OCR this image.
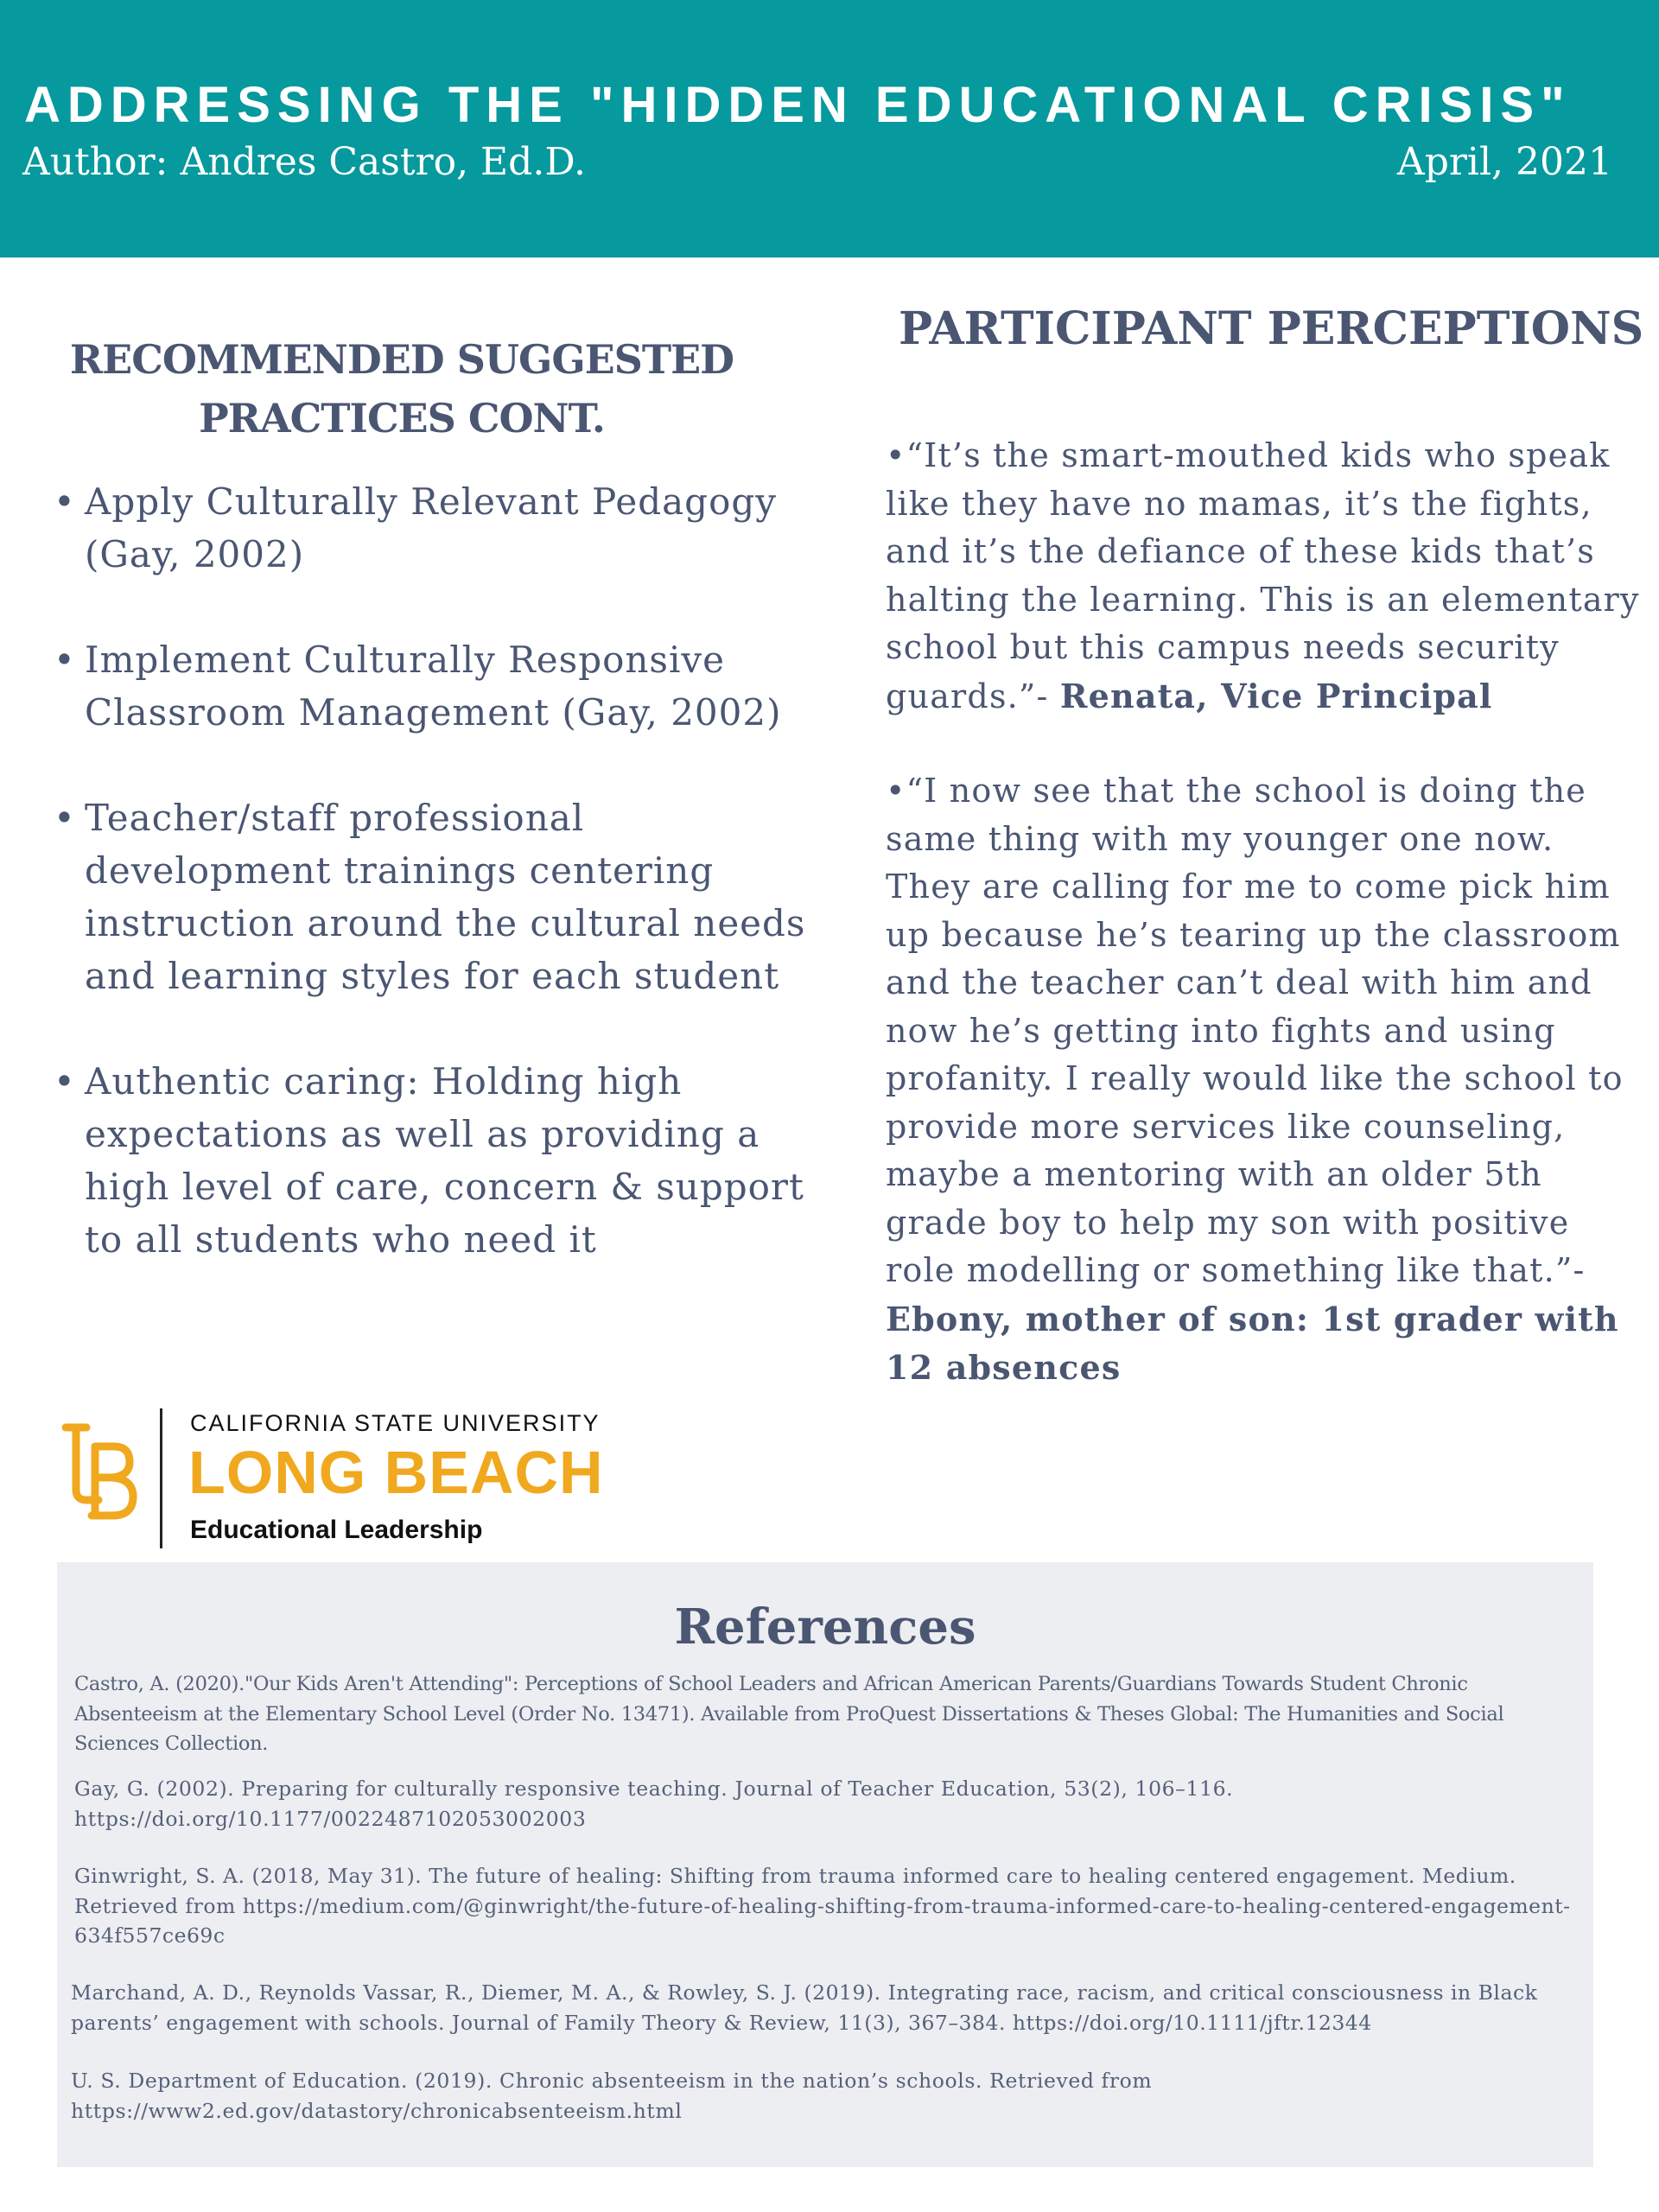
ADDRESSING THE "HIDDEN EDUCATIONAL CRISIS"
Author: Andres Castro, Ed.D.	April, 2021
RECOMMENDED SUGGESTED
PRACTICES CONT.
• Apply Culturally Relevant Pedagogy (Gay, 2002)
• Implement Culturally Responsive Classroom Management (Gay, 2002)
• Teacher/staff professional development trainings centering instruction around the cultural needs and learning styles for each student
• Authentic caring: Holding high expectations as well as providing a high level of care, concern & support to all students who need it
PARTICIPANT PERCEPTIONS
•“It’s the smart-mouthed kids who speak like they have no mamas, it’s the fights, and it’s the defiance of these kids that’s halting the learning. This is an elementary school but this campus needs security guards.”- Renata, Vice Principal
•“I now see that the school is doing the same thing with my younger one now. They are calling for me to come pick him up because he’s tearing up the classroom and the teacher can’t deal with him and now he’s getting into fights and using profanity. I really would like the school to provide more services like counseling, maybe a mentoring with an older 5th grade boy to help my son with positive role modelling or something like that.”- Ebony, mother of son: 1st grader with 12 absences
CALIFORNIA STATE UNIVERSITY
LONG BEACH
Educational Leadership
References
Castro, A. (2020)."Our Kids Aren't Attending": Perceptions of School Leaders and African American Parents/Guardians Towards Student Chronic Absenteeism at the Elementary School Level (Order No. 13471). Available from ProQuest Dissertations & Theses Global: The Humanities and Social Sciences Collection.
Gay, G. (2002). Preparing for culturally responsive teaching. Journal of Teacher Education, 53(2), 106–116. https://doi.org/10.1177/0022487102053002003
Ginwright, S. A. (2018, May 31). The future of healing: Shifting from trauma informed care to healing centered engagement. Medium. Retrieved from https://medium.com/@ginwright/the-future-of-healing-shifting-from-trauma-informed-care-to-healing-centered-engagement-634f557ce69c
Marchand, A. D., Reynolds Vassar, R., Diemer, M. A., & Rowley, S. J. (2019). Integrating race, racism, and critical consciousness in Black parents’ engagement with schools. Journal of Family Theory & Review, 11(3), 367–384. https://doi.org/10.1111/jftr.12344
U. S. Department of Education. (2019). Chronic absenteeism in the nation’s schools. Retrieved from https://www2.ed.gov/datastory/chronicabsenteeism.html
